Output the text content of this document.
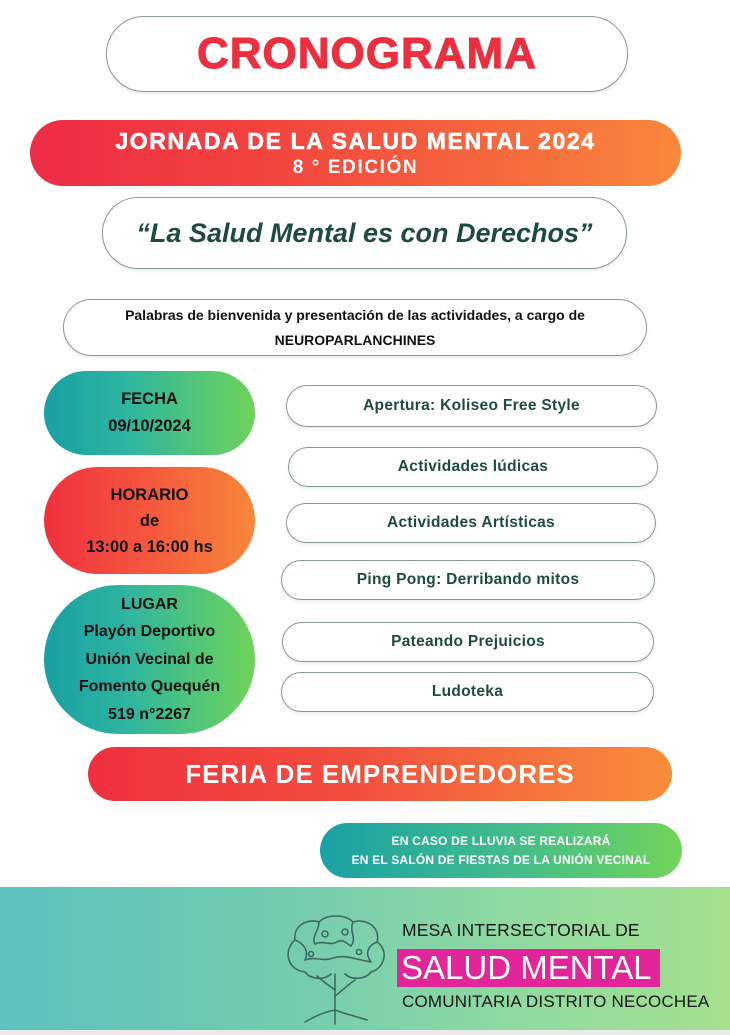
CRONOGRAMA
JORNADA DE LA SALUD MENTAL 2024
8 ° EDICIÓN
“La Salud Mental es con Derechos”
Palabras de bienvenida y presentación de las actividades, a cargo de
NEUROPARLANCHINES
FECHA
09/10/2024
HORARIO
de
13:00 a 16:00 hs
LUGAR
Playón Deportivo
Unión Vecinal de
Fomento Quequén
519 n°2267
Apertura: Koliseo Free Style
Actividades lúdicas
Actividades Artísticas
Ping Pong: Derribando mitos
Pateando Prejuicios
Ludoteka
FERIA DE EMPRENDEDORES
EN CASO DE LLUVIA SE REALIZARÁ
EN EL SALÓN DE FIESTAS DE LA UNIÓN VECINAL
MESA INTERSECTORIAL DE
SALUD MENTAL
COMUNITARIA DISTRITO NECOCHEA
